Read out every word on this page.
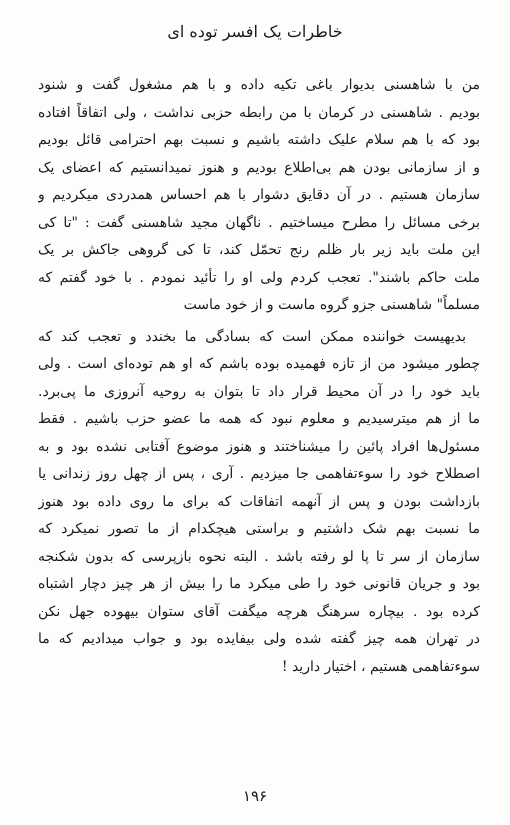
خاطرات یک افسر توده ای
من با شاهسنی بدیوار باغی تکیه داده و با هم مشغول گفت و شنود
بودیم . شاهسنی در کرمان با من رابطه حزبی نداشت ، ولی اتفاقاً افتاده
بود که با هم سلام علیک داشته باشیم و نسبت بهم احترامی قائل بودیم
و از سازمانی بودن هم بی‌اطلاع بودیم و هنوز نمیدانستیم که اعضای یک
سازمان هستیم . در آن دقایق دشوار با هم احساس همدردی میکردیم و
برخی مسائل را مطرح میساختیم . ناگهان مجید شاهسنی گفت : "تا کی
این ملت باید زیر بار ظلم رنج تحمّل کند، تا کی گروهی جاکش بر یک
ملت حاکم باشند". تعجب کردم ولی او را تأئید نمودم . با خود گفتم که
مسلماً" شاهسنی جزو گروه ماست و از خود ماست
بدیهیست خواننده ممکن است که بسادگی ما بخندد و تعجب کند که
چطور میشود من از تازه فهمیده بوده باشم که او هم توده‌ای است . ولی
باید خود را در آن محیط قرار داد تا بتوان به روحیه آنروزی ما پی‌برد.
ما از هم میترسیدیم و معلوم نبود که همه ما عضو حزب باشیم . فقط
مسئول‌ها افراد پائین را میشناختند و هنوز موضوع آفتابی نشده بود و به
اصطلاح خود را سوءتفاهمی جا میزدیم . آری ، پس از چهل روز زندانی یا
بازداشت بودن و پس از آنهمه اتفاقات که برای ما روی داده بود هنوز
ما نسبت بهم شک داشتیم و براستی هیچکدام از ما تصور نمیکرد که
سازمان از سر تا پا لو رفته باشد . البته نحوه بازپرسی که بدون شکنجه
بود و جریان قانونی خود را طی میکرد ما را بیش از هر چیز دچار اشتباه
کرده بود . بیچاره سرهنگ هرچه میگفت آقای ستوان بیهوده جهل نکن
در تهران همه چیز گفته شده ولی بیفایده بود و جواب میدادیم که ما
سوءتفاهمی هستیم ، اختیار دارید !
۱۹۶
